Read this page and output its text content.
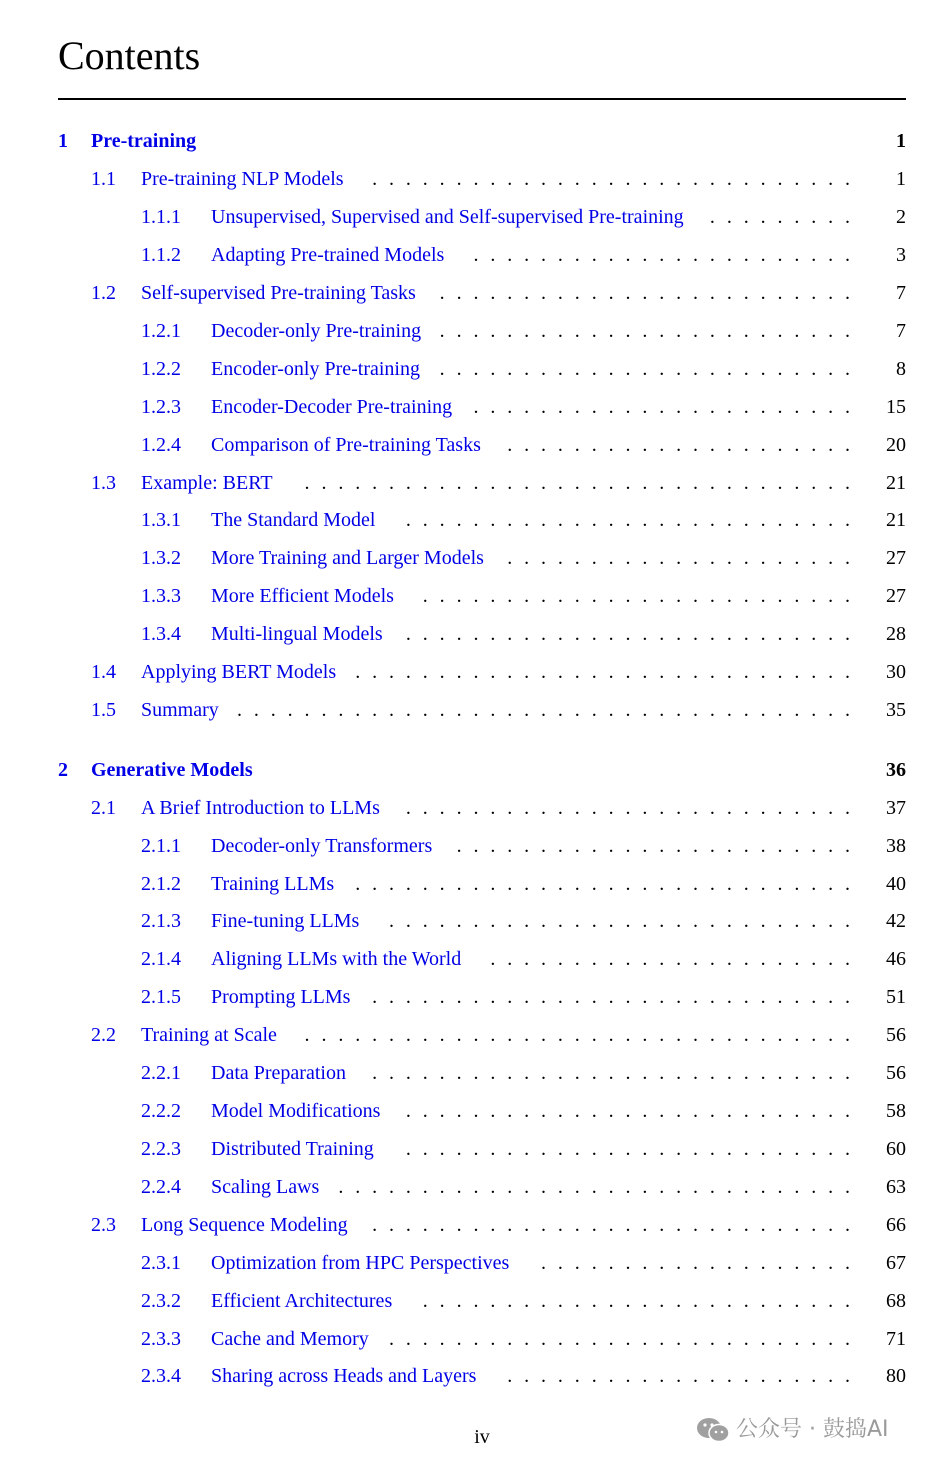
Contents
1 Pre-training	1
1.1 Pre-training NLP Models	. . . . . . . . . . . . . . . . . . . . . . . . . . . . . 1
1.1.1 Unsupervised, Supervised and Self-supervised Pre-training	. . . . . . . . . 2
1.1.2 Adapting Pre-trained Models	. . . . . . . . . . . . . . . . . . . . . . . 3
1.2 Self-supervised Pre-training Tasks	. . . . . . . . . . . . . . . . . . . . . . . . . 7
1.2.1 Decoder-only Pre-training . . . . . . . . . . . . . . . . . . . . . . . . . 7
1.2.2 Encoder-only Pre-training . . . . . . . . . . . . . . . . . . . . . . . . . 8
1.2.3 Encoder-Decoder Pre-training	. . . . . . . . . . . . . . . . . . . . . . . 15
1.2.4 Comparison of Pre-training Tasks	. . . . . . . . . . . . . . . . . . . . . 20
1.3 Example: BERT	. . . . . . . . . . . . . . . . . . . . . . . . . . . . . . . . . 21
1.3.1 The Standard Model	. . . . . . . . . . . . . . . . . . . . . . . . . . . 21
1.3.2 More Training and Larger Models	. . . . . . . . . . . . . . . . . . . . . 27
1.3.3 More Efficient Models	. . . . . . . . . . . . . . . . . . . . . . . . . . 27
1.3.4 Multi-lingual Models	. . . . . . . . . . . . . . . . . . . . . . . . . . . 28
1.4 Applying BERT Models . . . . . . . . . . . . . . . . . . . . . . . . . . . . . . 30
1.5 Summary . . . . . . . . . . . . . . . . . . . . . . . . . . . . . . . . . . . . . 35
2 Generative Models	36
2.1 A Brief Introduction to LLMs	. . . . . . . . . . . . . . . . . . . . . . . . . . . 37
2.1.1 Decoder-only Transformers	. . . . . . . . . . . . . . . . . . . . . . . . 38
2.1.2 Training LLMs	. . . . . . . . . . . . . . . . . . . . . . . . . . . . . . 40
2.1.3 Fine-tuning LLMs	. . . . . . . . . . . . . . . . . . . . . . . . . . . . 42
2.1.4 Aligning LLMs with the World	. . . . . . . . . . . . . . . . . . . . . . 46
2.1.5 Prompting LLMs	. . . . . . . . . . . . . . . . . . . . . . . . . . . . . 51
2.2 Training at Scale	. . . . . . . . . . . . . . . . . . . . . . . . . . . . . . . . . 56
2.2.1 Data Preparation	. . . . . . . . . . . . . . . . . . . . . . . . . . . . . 56
2.2.2 Model Modifications	. . . . . . . . . . . . . . . . . . . . . . . . . . . 58
2.2.3 Distributed Training	. . . . . . . . . . . . . . . . . . . . . . . . . . . 60
2.2.4 Scaling Laws . . . . . . . . . . . . . . . . . . . . . . . . . . . . . . . 63
2.3 Long Sequence Modeling	. . . . . . . . . . . . . . . . . . . . . . . . . . . . . 66
2.3.1 Optimization from HPC Perspectives	. . . . . . . . . . . . . . . . . . . 67
2.3.2 Efficient Architectures	. . . . . . . . . . . . . . . . . . . . . . . . . . 68
2.3.3 Cache and Memory	. . . . . . . . . . . . . . . . . . . . . . . . . . . . 71
2.3.4 Sharing across Heads and Layers	. . . . . . . . . . . . . . . . . . . . . 80
iv	公众号 · 鼓捣AI
